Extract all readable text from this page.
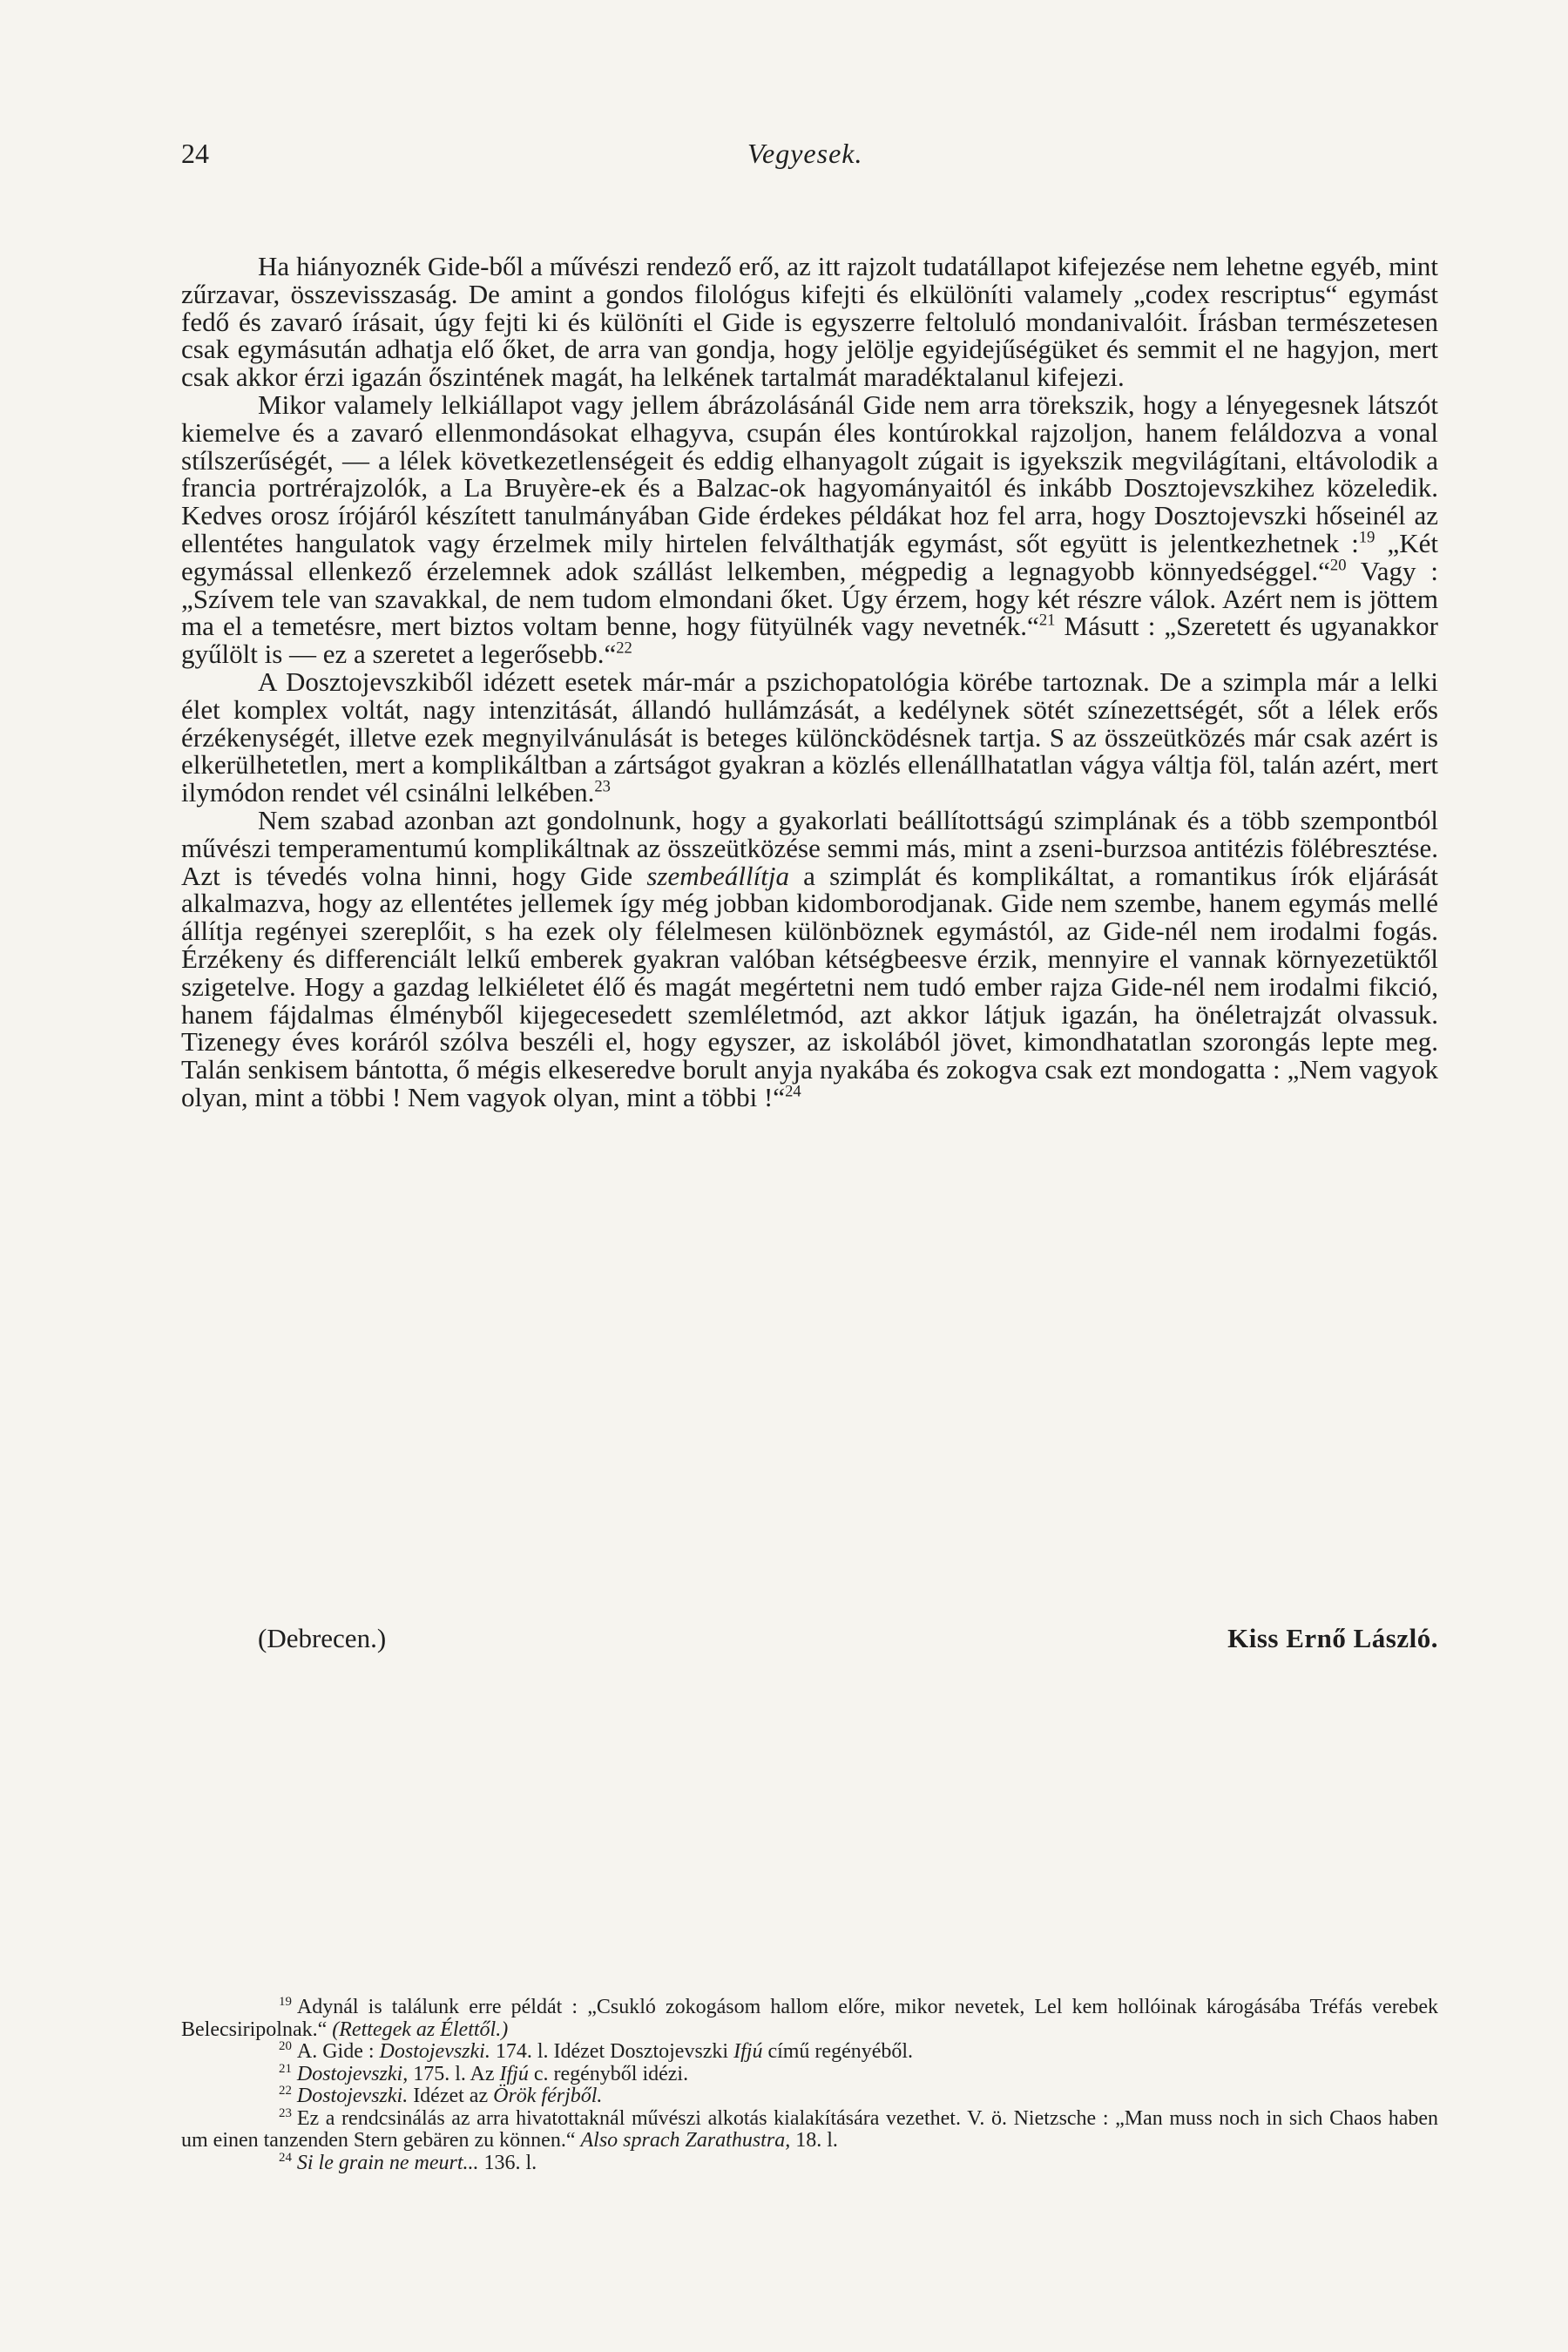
24	Vegyesek.

Ha hiányoznék Gide-ből a művészi rendező erő, az itt rajzolt tudatállapot kifejezése nem lehetne egyéb, mint zűrzavar, összevisszaság. De amint a gondos filológus kifejti és elkülöníti valamely „codex rescriptus“ egymást fedő és zavaró írásait, úgy fejti ki és különíti el Gide is egyszerre feltoluló mondanivalóit. Írásban természetesen csak egymásután adhatja elő őket, de arra van gondja, hogy jelölje egyidejűségüket és semmit el ne hagyjon, mert csak akkor érzi igazán őszintének magát, ha lelkének tartalmát maradéktalanul kifejezi.

Mikor valamely lelkiállapot vagy jellem ábrázolásánál Gide nem arra törekszik, hogy a lényegesnek látszót kiemelve és a zavaró ellenmondásokat elhagyva, csupán éles kontúrokkal rajzoljon, hanem feláldozva a vonal stílszerűségét, — a lélek következetlenségeit és eddig elhanyagolt zúgait is igyekszik megvilágítani, eltávolodik a francia portrérajzolók, a La Bruyère-ek és a Balzac-ok hagyományaitól és inkább Dosztojevszkihez közeledik. Kedves orosz írójáról készített tanulmányában Gide érdekes példákat hoz fel arra, hogy Dosztojevszki hőseinél az ellentétes hangulatok vagy érzelmek mily hirtelen felválthatják egymást, sőt együtt is jelentkezhetnek :$^{19}$ „Két egymással ellenkező érzelemnek adok szállást lelkemben, mégpedig a legnagyobb könnyedséggel.“$^{20}$ Vagy : „Szívem tele van szavakkal, de nem tudom elmondani őket. Úgy érzem, hogy két részre válok. Azért nem is jöttem ma el a temetésre, mert biztos voltam benne, hogy fütyülnék vagy nevetnék.“$^{21}$ Másutt : „Szeretett és ugyanakkor gyűlölt is — ez a szeretet a legerősebb.“$^{22}$

A Dosztojevszkiből idézett esetek már-már a pszichopatológia körébe tartoznak. De a szimpla már a lelki élet komplex voltát, nagy intenzitását, állandó hullámzását, a kedélynek sötét színezettségét, sőt a lélek erős érzékenységét, illetve ezek megnyilvánulását is beteges különcködésnek tartja. S az összeütközés már csak azért is elkerülhetetlen, mert a komplikáltban a zártságot gyakran a közlés ellenállhatatlan vágya váltja föl, talán azért, mert ilymódon rendet vél csinálni lelkében.$^{23}$

Nem szabad azonban azt gondolnunk, hogy a gyakorlati beállítottságú szimplának és a több szempontból művészi temperamentumú komplikáltnak az összeütközése semmi más, mint a zseni-burzsoa antitézis fölébresztése. Azt is tévedés volna hinni, hogy Gide szembeállítja a szimplát és komplikáltat, a romantikus írók eljárását alkalmazva, hogy az ellentétes jellemek így még jobban kidomborodjanak. Gide nem szembe, hanem egymás mellé állítja regényei szereplőit, s ha ezek oly félelmesen különböznek egymástól, az Gide-nél nem irodalmi fogás. Érzékeny és differenciált lelkű emberek gyakran valóban kétségbeesve érzik, mennyire el vannak környezetüktől szigetelve. Hogy a gazdag lelkiéletet élő és magát megértetni nem tudó ember rajza Gide-nél nem irodalmi fikció, hanem fájdalmas élményből kijegecesedett szemléletmód, azt akkor látjuk igazán, ha önéletrajzát olvassuk. Tizenegy éves koráról szólva beszéli el, hogy egyszer, az iskolából jövet, kimondhatatlan szorongás lepte meg. Talán senkisem bántotta, ő mégis elkeseredve borult anyja nyakába és zokogva csak ezt mondogatta : „Nem vagyok olyan, mint a többi ! Nem vagyok olyan, mint a többi !“$^{24}$

(Debrecen.)	Kiss Ernő László.

$^{19}$ Adynál is találunk erre példát : „Csukló zokogásom hallom előre, mikor nevetek, Lel kem hollóinak károgásába Tréfás verebek Belecsiripolnak.“ (Rettegek az Élettől.)

$^{20}$ A. Gide : Dostojevszki. 174. l. Idézet Dosztojevszki Ifjú című regényéből.

$^{21}$ Dostojevszki, 175. l. Az Ifjú c. regényből idézi.

$^{22}$ Dostojevszki. Idézet az Örök férjből.

$^{23}$ Ez a rendcsinálás az arra hivatottaknál művészi alkotás kialakítására vezethet. V. ö. Nietzsche : „Man muss noch in sich Chaos haben um einen tanzenden Stern gebären zu können.“ Also sprach Zarathustra, 18. l.

$^{24}$ Si le grain ne meurt... 136. l.
